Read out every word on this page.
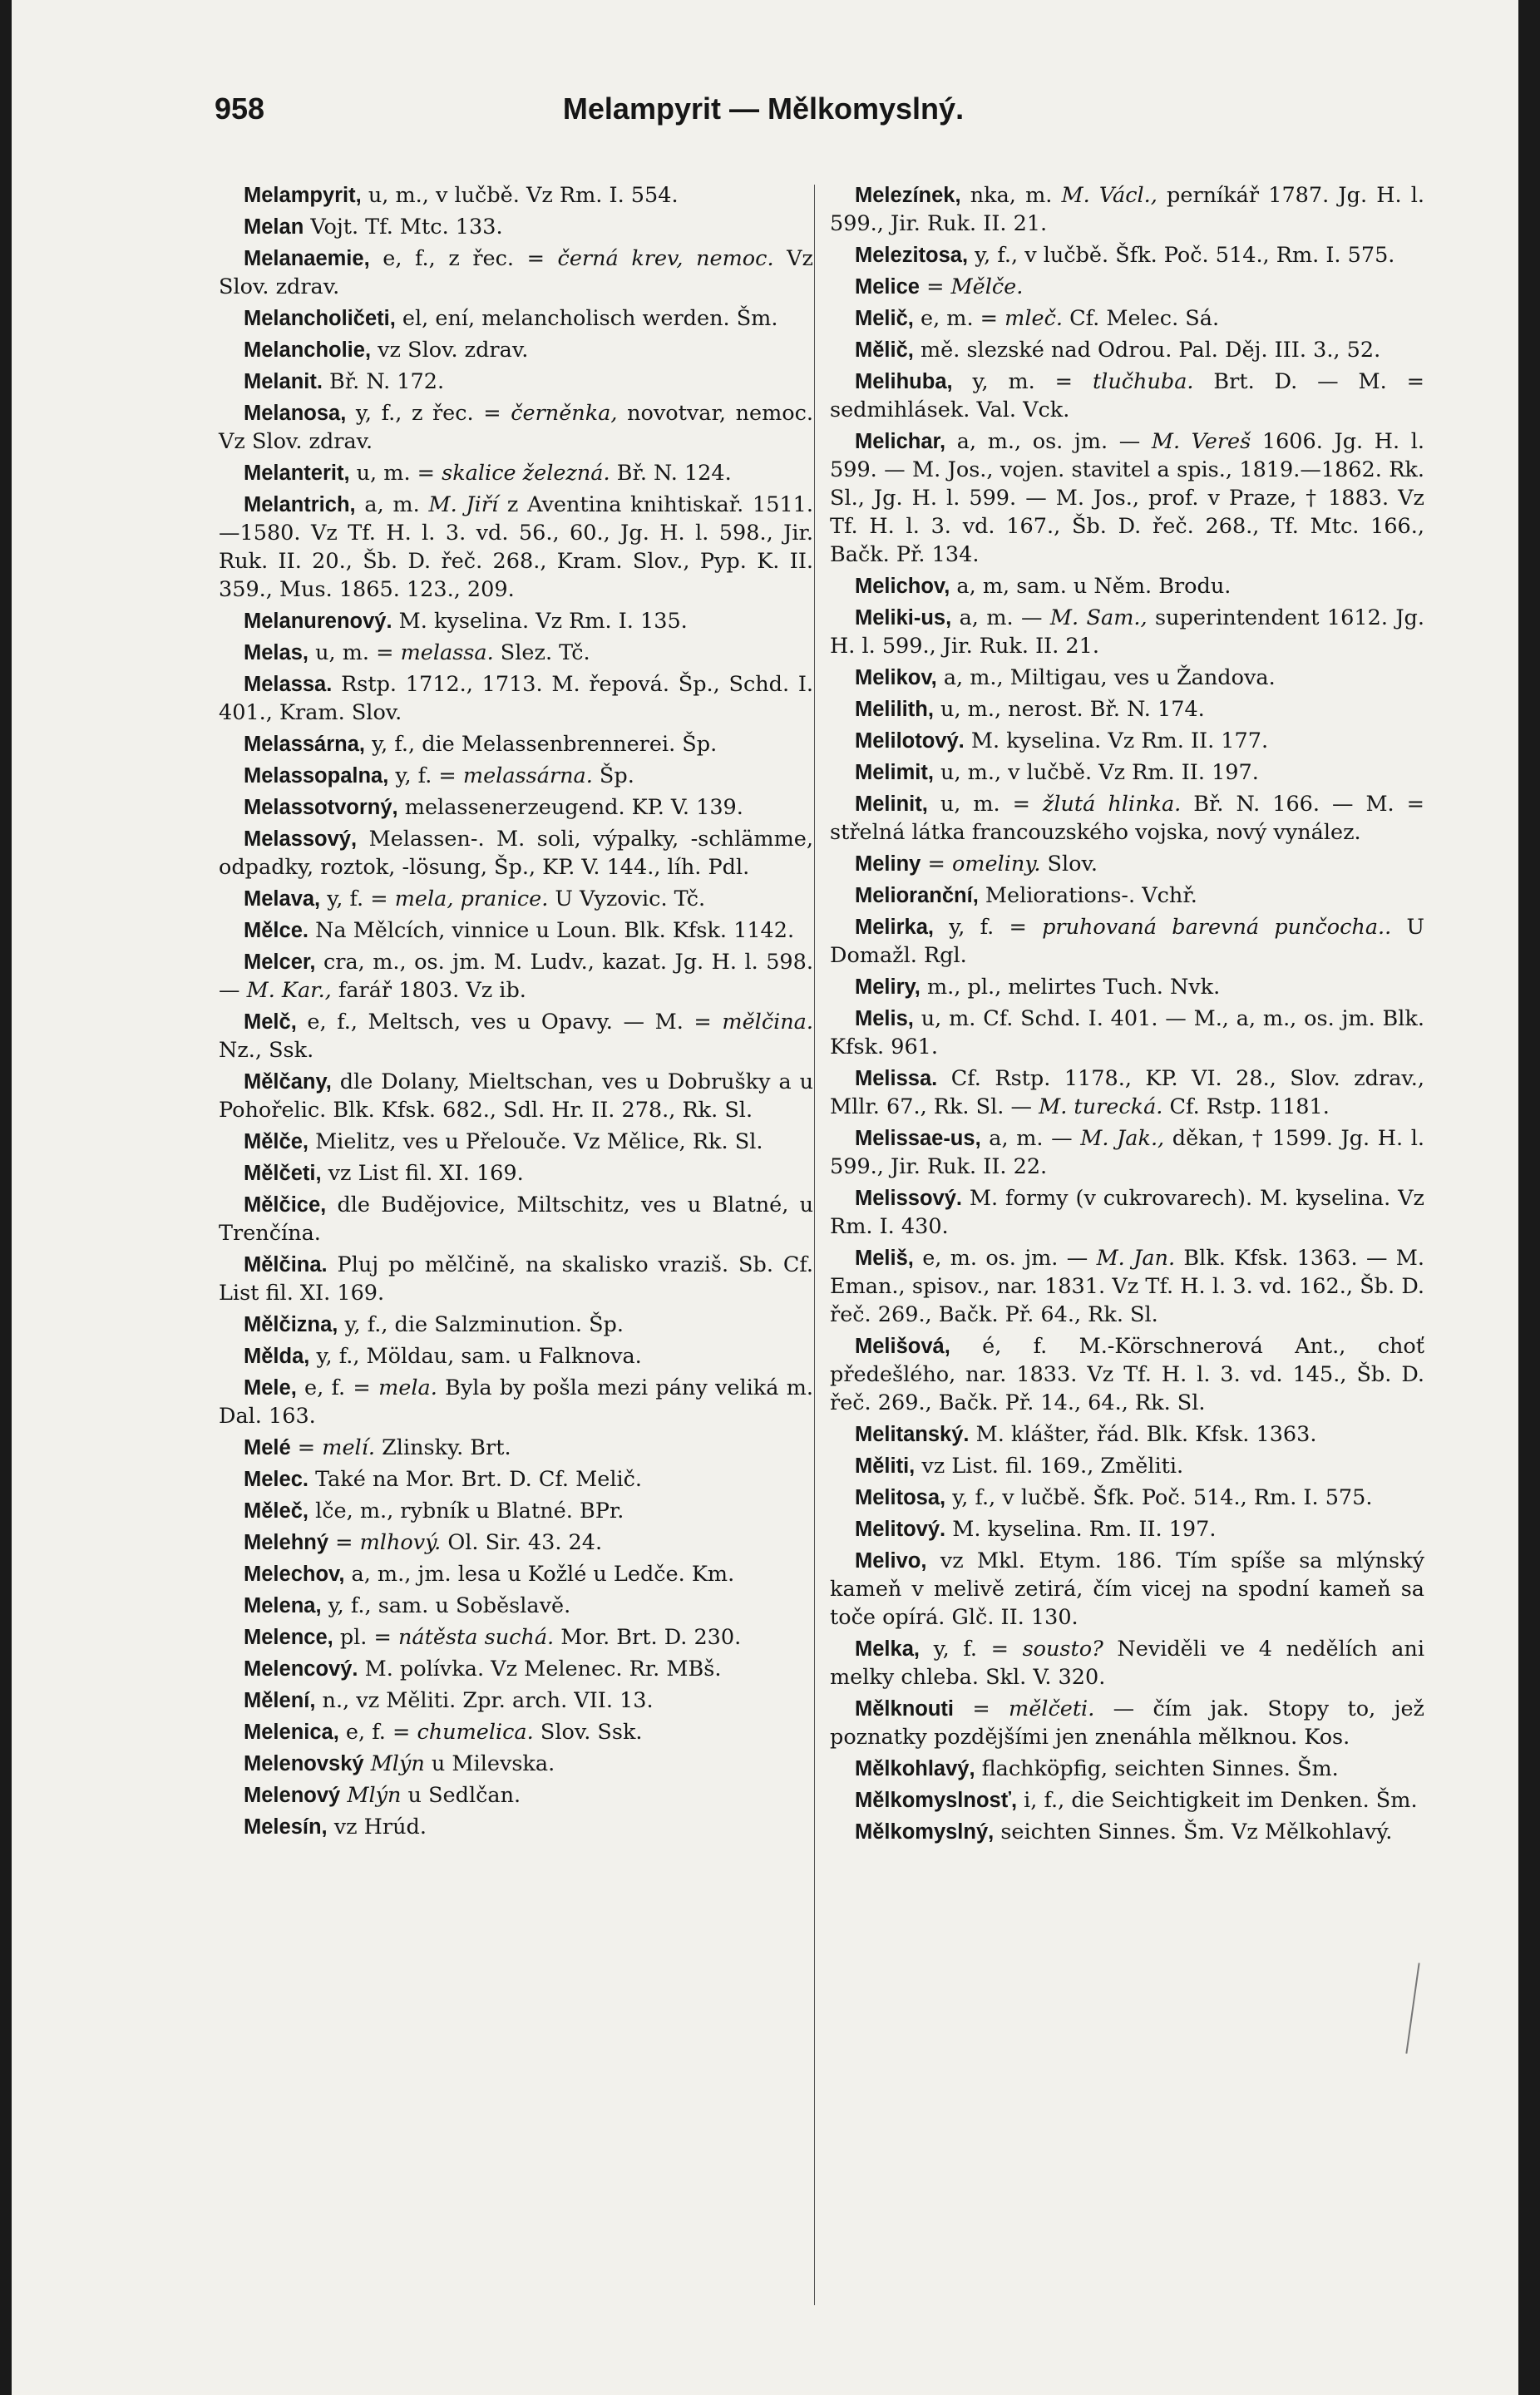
958	Melampyrit — Mělkomyslný.

Melampyrit, u, m., v lučbě. Vz Rm. I. 554.

Melan Vojt. Tf. Mtc. 133.

Melanaemie, e, f., z řec. = černá krev, nemoc. Vz Slov. zdrav.

Melancholičeti, el, ení, melancholisch werden. Šm.

Melancholie, vz Slov. zdrav.

Melanit. Bř. N. 172.

Melanosa, y, f., z řec. = černěnka, novotvar, nemoc. Vz Slov. zdrav.

Melanterit, u, m. = skalice železná. Bř. N. 124.

Melantrich, a, m. M. Jiří z Aventina knihtiskař. 1511.—1580. Vz Tf. H. l. 3. vd. 56., 60., Jg. H. l. 598., Jir. Ruk. II. 20., Šb. D. řeč. 268., Kram. Slov., Pyp. K. II. 359., Mus. 1865. 123., 209.

Melanurenový. M. kyselina. Vz Rm. I. 135.

Melas, u, m. = melassa. Slez. Tč.

Melassa. Rstp. 1712., 1713. M. řepová. Šp., Schd. I. 401., Kram. Slov.

Melassárna, y, f., die Melassenbrennerei. Šp.

Melassopalna, y, f. = melassárna. Šp.

Melassotvorný, melassenerzeugend. KP. V. 139.

Melassový, Melassen-. M. soli, výpalky, -schlämme, odpadky, roztok, -lösung, Šp., KP. V. 144., líh. Pdl.

Melava, y, f. = mela, pranice. U Vyzovic. Tč.

Mělce. Na Mělcích, vinnice u Loun. Blk. Kfsk. 1142.

Melcer, cra, m., os. jm. M. Ludv., kazat. Jg. H. l. 598. — M. Kar., farář 1803. Vz ib.

Melč, e, f., Meltsch, ves u Opavy. — M. = mělčina. Nz., Ssk.

Mělčany, dle Dolany, Mieltschan, ves u Dobrušky a u Pohořelic. Blk. Kfsk. 682., Sdl. Hr. II. 278., Rk. Sl.

Mělče, Mielitz, ves u Přelouče. Vz Mělice, Rk. Sl.

Mělčeti, vz List fil. XI. 169.

Mělčice, dle Budějovice, Miltschitz, ves u Blatné, u Trenčína.

Mělčina. Pluj po mělčině, na skalisko vraziš. Sb. Cf. List fil. XI. 169.

Mělčizna, y, f., die Salzminution. Šp.

Mělda, y, f., Möldau, sam. u Falknova.

Mele, e, f. = mela. Byla by pošla mezi pány veliká m. Dal. 163.

Melé = melí. Zlinsky. Brt.

Melec. Také na Mor. Brt. D. Cf. Melič.

Měleč, lče, m., rybník u Blatné. BPr.

Melehný = mlhový. Ol. Sir. 43. 24.

Melechov, a, m., jm. lesa u Kožlé u Ledče. Km.

Melena, y, f., sam. u Soběslavě.

Melence, pl. = nátěsta suchá. Mor. Brt. D. 230.

Melencový. M. polívka. Vz Melenec. Rr. MBš.

Mělení, n., vz Měliti. Zpr. arch. VII. 13.

Melenica, e, f. = chumelica. Slov. Ssk.

Melenovský Mlýn u Milevska.

Melenový Mlýn u Sedlčan.

Melesín, vz Hrúd.

Melezínek, nka, m. M. Václ., perníkář 1787. Jg. H. l. 599., Jir. Ruk. II. 21.

Melezitosa, y, f., v lučbě. Šfk. Poč. 514., Rm. I. 575.

Melice = Mělče.

Melič, e, m. = mleč. Cf. Melec. Sá.

Mělič, mě. slezské nad Odrou. Pal. Děj. III. 3., 52.

Melihuba, y, m. = tlučhuba. Brt. D. — M. = sedmihlásek. Val. Vck.

Melichar, a, m., os. jm. — M. Vereš 1606. Jg. H. l. 599. — M. Jos., vojen. stavitel a spis., 1819.—1862. Rk. Sl., Jg. H. l. 599. — M. Jos., prof. v Praze, † 1883. Vz Tf. H. l. 3. vd. 167., Šb. D. řeč. 268., Tf. Mtc. 166., Bačk. Př. 134.

Melichov, a, m, sam. u Něm. Brodu.

Meliki-us, a, m. — M. Sam., superintendent 1612. Jg. H. l. 599., Jir. Ruk. II. 21.

Melikov, a, m., Miltigau, ves u Žandova.

Melilith, u, m., nerost. Bř. N. 174.

Melilotový. M. kyselina. Vz Rm. II. 177.

Melimit, u, m., v lučbě. Vz Rm. II. 197.

Melinit, u, m. = žlutá hlinka. Bř. N. 166. — M. = střelná látka francouzského vojska, nový vynález.

Meliny = omeliny. Slov.

Melioranční, Meliorations-. Vchř.

Melirka, y, f. = pruhovaná barevná punčocha.. U Domažl. Rgl.

Meliry, m., pl., melirtes Tuch. Nvk.

Melis, u, m. Cf. Schd. I. 401. — M., a, m., os. jm. Blk. Kfsk. 961.

Melissa. Cf. Rstp. 1178., KP. VI. 28., Slov. zdrav., Mllr. 67., Rk. Sl. — M. turecká. Cf. Rstp. 1181.

Melissae-us, a, m. — M. Jak., děkan, † 1599. Jg. H. l. 599., Jir. Ruk. II. 22.

Melissový. M. formy (v cukrovarech). M. kyselina. Vz Rm. I. 430.

Meliš, e, m. os. jm. — M. Jan. Blk. Kfsk. 1363. — M. Eman., spisov., nar. 1831. Vz Tf. H. l. 3. vd. 162., Šb. D. řeč. 269., Bačk. Př. 64., Rk. Sl.

Melišová, é, f. M.-Körschnerová Ant., choť předešlého, nar. 1833. Vz Tf. H. l. 3. vd. 145., Šb. D. řeč. 269., Bačk. Př. 14., 64., Rk. Sl.

Melitanský. M. klášter, řád. Blk. Kfsk. 1363.

Měliti, vz List. fil. 169., Změliti.

Melitosa, y, f., v lučbě. Šfk. Poč. 514., Rm. I. 575.

Melitový. M. kyselina. Rm. II. 197.

Melivo, vz Mkl. Etym. 186. Tím spíše sa mlýnský kameň v melivě zetirá, čím vicej na spodní kameň sa toče opírá. Glč. II. 130.

Melka, y, f. = sousto? Neviděli ve 4 nedělích ani melky chleba. Skl. V. 320.

Mělknouti = mělčeti. — čím jak. Stopy to, jež poznatky pozdějšími jen znenáhla mělknou. Kos.

Mělkohlavý, flachköpfig, seichten Sinnes. Šm.

Mělkomyslnosť, i, f., die Seichtigkeit im Denken. Šm.

Mělkomyslný, seichten Sinnes. Šm. Vz Mělkohlavý.
